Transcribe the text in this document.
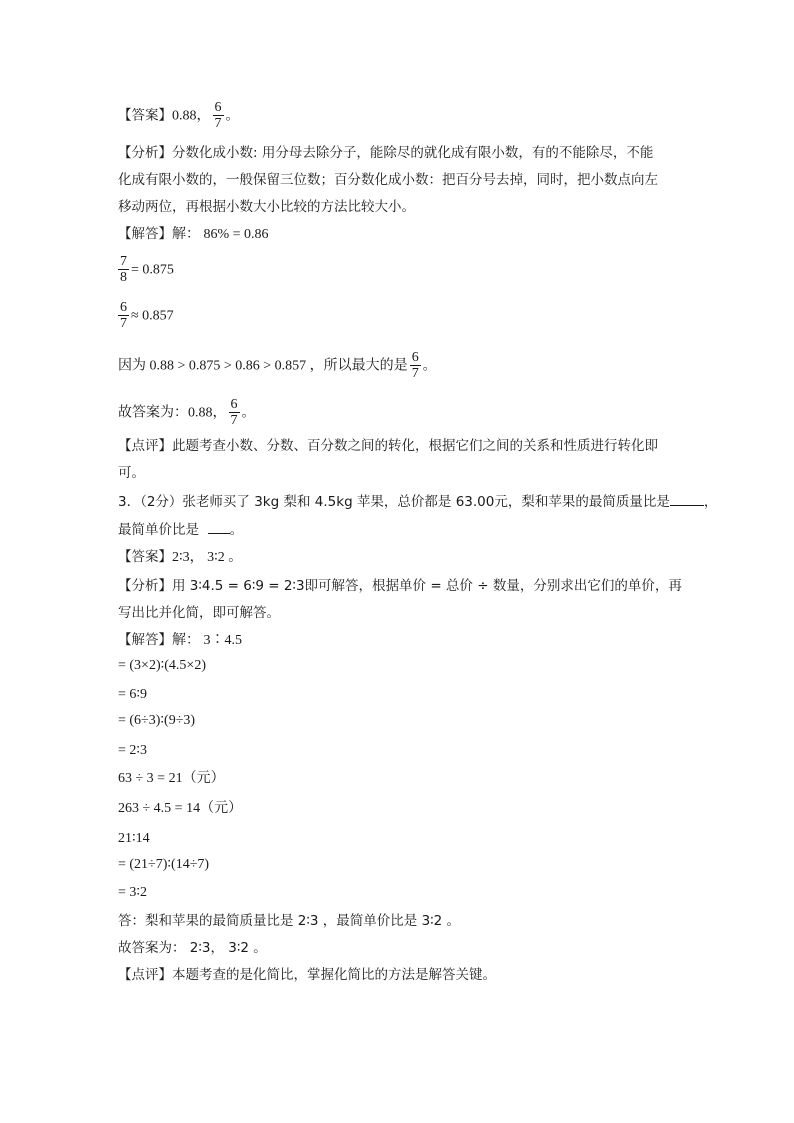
【答案】0.88， $\frac{6}{7}$ 。
【分析】分数化成小数: 用分母去除分子，能除尽的就化成有限小数，有的不能除尽，不能
化成有限小数的，一般保留三位数；百分数化成小数：把百分号去掉，同时，把小数点向左
移动两位，再根据小数大小比较的方法比较大小。
【解答】解： 86% = 0.86
$\frac{7}{8} = 0.875$
$\frac{6}{7} \approx 0.857$
因为 0.88 > 0.875 > 0.86 > 0.857 ，所以最大的是 $\frac{6}{7}$ 。
故答案为：0.88， $\frac{6}{7}$ 。
【点评】此题考查小数、分数、百分数之间的转化，根据它们之间的关系和性质进行转化即
可。
3．（2分）张老师买了 3kg 梨和 4.5kg 苹果，总价都是 63.00元，梨和苹果的最简质量比是	，
最简单价比是 。
【答案】2∶3， 3∶2 。
【分析】用 3∶4.5 = 6∶9 = 2∶3即可解答，根据单价 = 总价 ÷ 数量，分别求出它们的单价，再
写出比并化简，即可解答。
【解答】解： 3∶4.5
= (3×2)∶(4.5×2)
= 6∶9
= (6÷3)∶(9÷3)
= 2∶3
63 ÷ 3 = 21（元）
263 ÷ 4.5 = 14（元）
21∶14
= (21÷7)∶(14÷7)
= 3∶2
答：梨和苹果的最简质量比是 2∶3 ，最简单价比是 3∶2 。
故答案为： 2∶3， 3∶2 。
【点评】本题考查的是化简比，掌握化简比的方法是解答关键。
